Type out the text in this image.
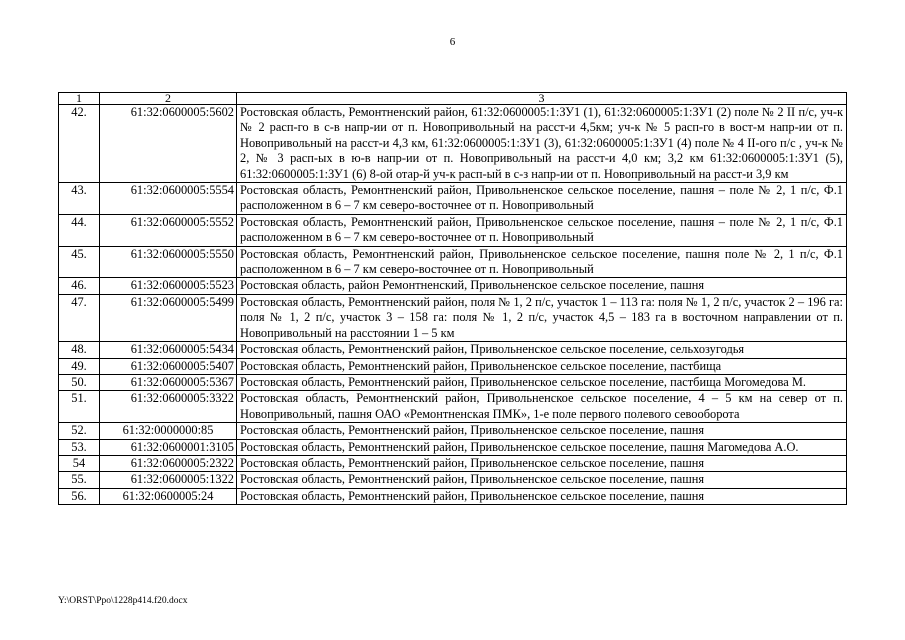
6
1	2	3
42.	61:32:0600005:5602	Ростовская область, Ремонтненский район, 61:32:0600005:1:ЗУ1 (1), 61:32:0600005:1:ЗУ1 (2) поле № 2 II п/с, уч-к № 2 расп-го в с-в напр-ии от п. Новопривольный на расст-и 4,5км; уч-к № 5 расп-го в вост-м напр-ии от п. Новопривольный на расст-и 4,3 км, 61:32:0600005:1:ЗУ1 (3), 61:32:0600005:1:ЗУ1 (4) поле № 4 II-ого п/с , уч-к № 2, № 3 расп-ых в ю-в напр-ии от п. Новопривольный на расст-и 4,0 км; 3,2 км 61:32:0600005:1:ЗУ1 (5), 61:32:0600005:1:ЗУ1 (6) 8-ой отар-й уч-к расп-ый в с-з напр-ии от п. Новопривольный на расст-и 3,9 км
43.	61:32:0600005:5554	Ростовская область, Ремонтненский район, Привольненское сельское поселение, пашня – поле № 2, 1 п/с, Ф.1 расположенном в 6 – 7 км северо-восточнее от п. Новопривольный
44.	61:32:0600005:5552	Ростовская область, Ремонтненский район, Привольненское сельское поселение, пашня – поле № 2, 1 п/с, Ф.1 расположенном в 6 – 7 км северо-восточнее от п. Новопривольный
45.	61:32:0600005:5550	Ростовская область, Ремонтненский район, Привольненское сельское поселение, пашня поле № 2, 1 п/с, Ф.1 расположенном в 6 – 7 км северо-восточнее от п. Новопривольный
46.	61:32:0600005:5523	Ростовская область, район Ремонтненский, Привольненское сельское поселение, пашня
47.	61:32:0600005:5499	Ростовская область, Ремонтненский район, поля № 1, 2 п/с, участок 1 – 113 га: поля № 1, 2 п/с, участок 2 – 196 га: поля № 1, 2 п/с, участок 3 – 158 га: поля № 1, 2 п/с, участок 4,5 – 183 га в восточном направлении от п. Новопривольный на расстоянии 1 – 5 км
48.	61:32:0600005:5434	Ростовская область, Ремонтненский район, Привольненское сельское поселение, сельхозугодья
49.	61:32:0600005:5407	Ростовская область, Ремонтненский район, Привольненское сельское поселение, пастбища
50.	61:32:0600005:5367	Ростовская область, Ремонтненский район, Привольненское сельское поселение, пастбища Могомедова М.
51.	61:32:0600005:3322	Ростовская область, Ремонтненский район, Привольненское сельское поселение, 4 – 5 км на север от п. Новопривольный, пашня ОАО «Ремонтненская ПМК», 1-е поле первого полевого севооборота
52.	61:32:0000000:85	Ростовская область, Ремонтненский район, Привольненское сельское поселение, пашня
53.	61:32:0600001:3105	Ростовская область, Ремонтненский район, Привольненское сельское поселение, пашня Магомедова А.О.
54	61:32:0600005:2322	Ростовская область, Ремонтненский район, Привольненское сельское поселение, пашня
55.	61:32:0600005:1322	Ростовская область, Ремонтненский район, Привольненское сельское поселение, пашня
56.	61:32:0600005:24	Ростовская область, Ремонтненский район, Привольненское сельское поселение, пашня
Y:\ORST\Ppo\1228p414.f20.docx
